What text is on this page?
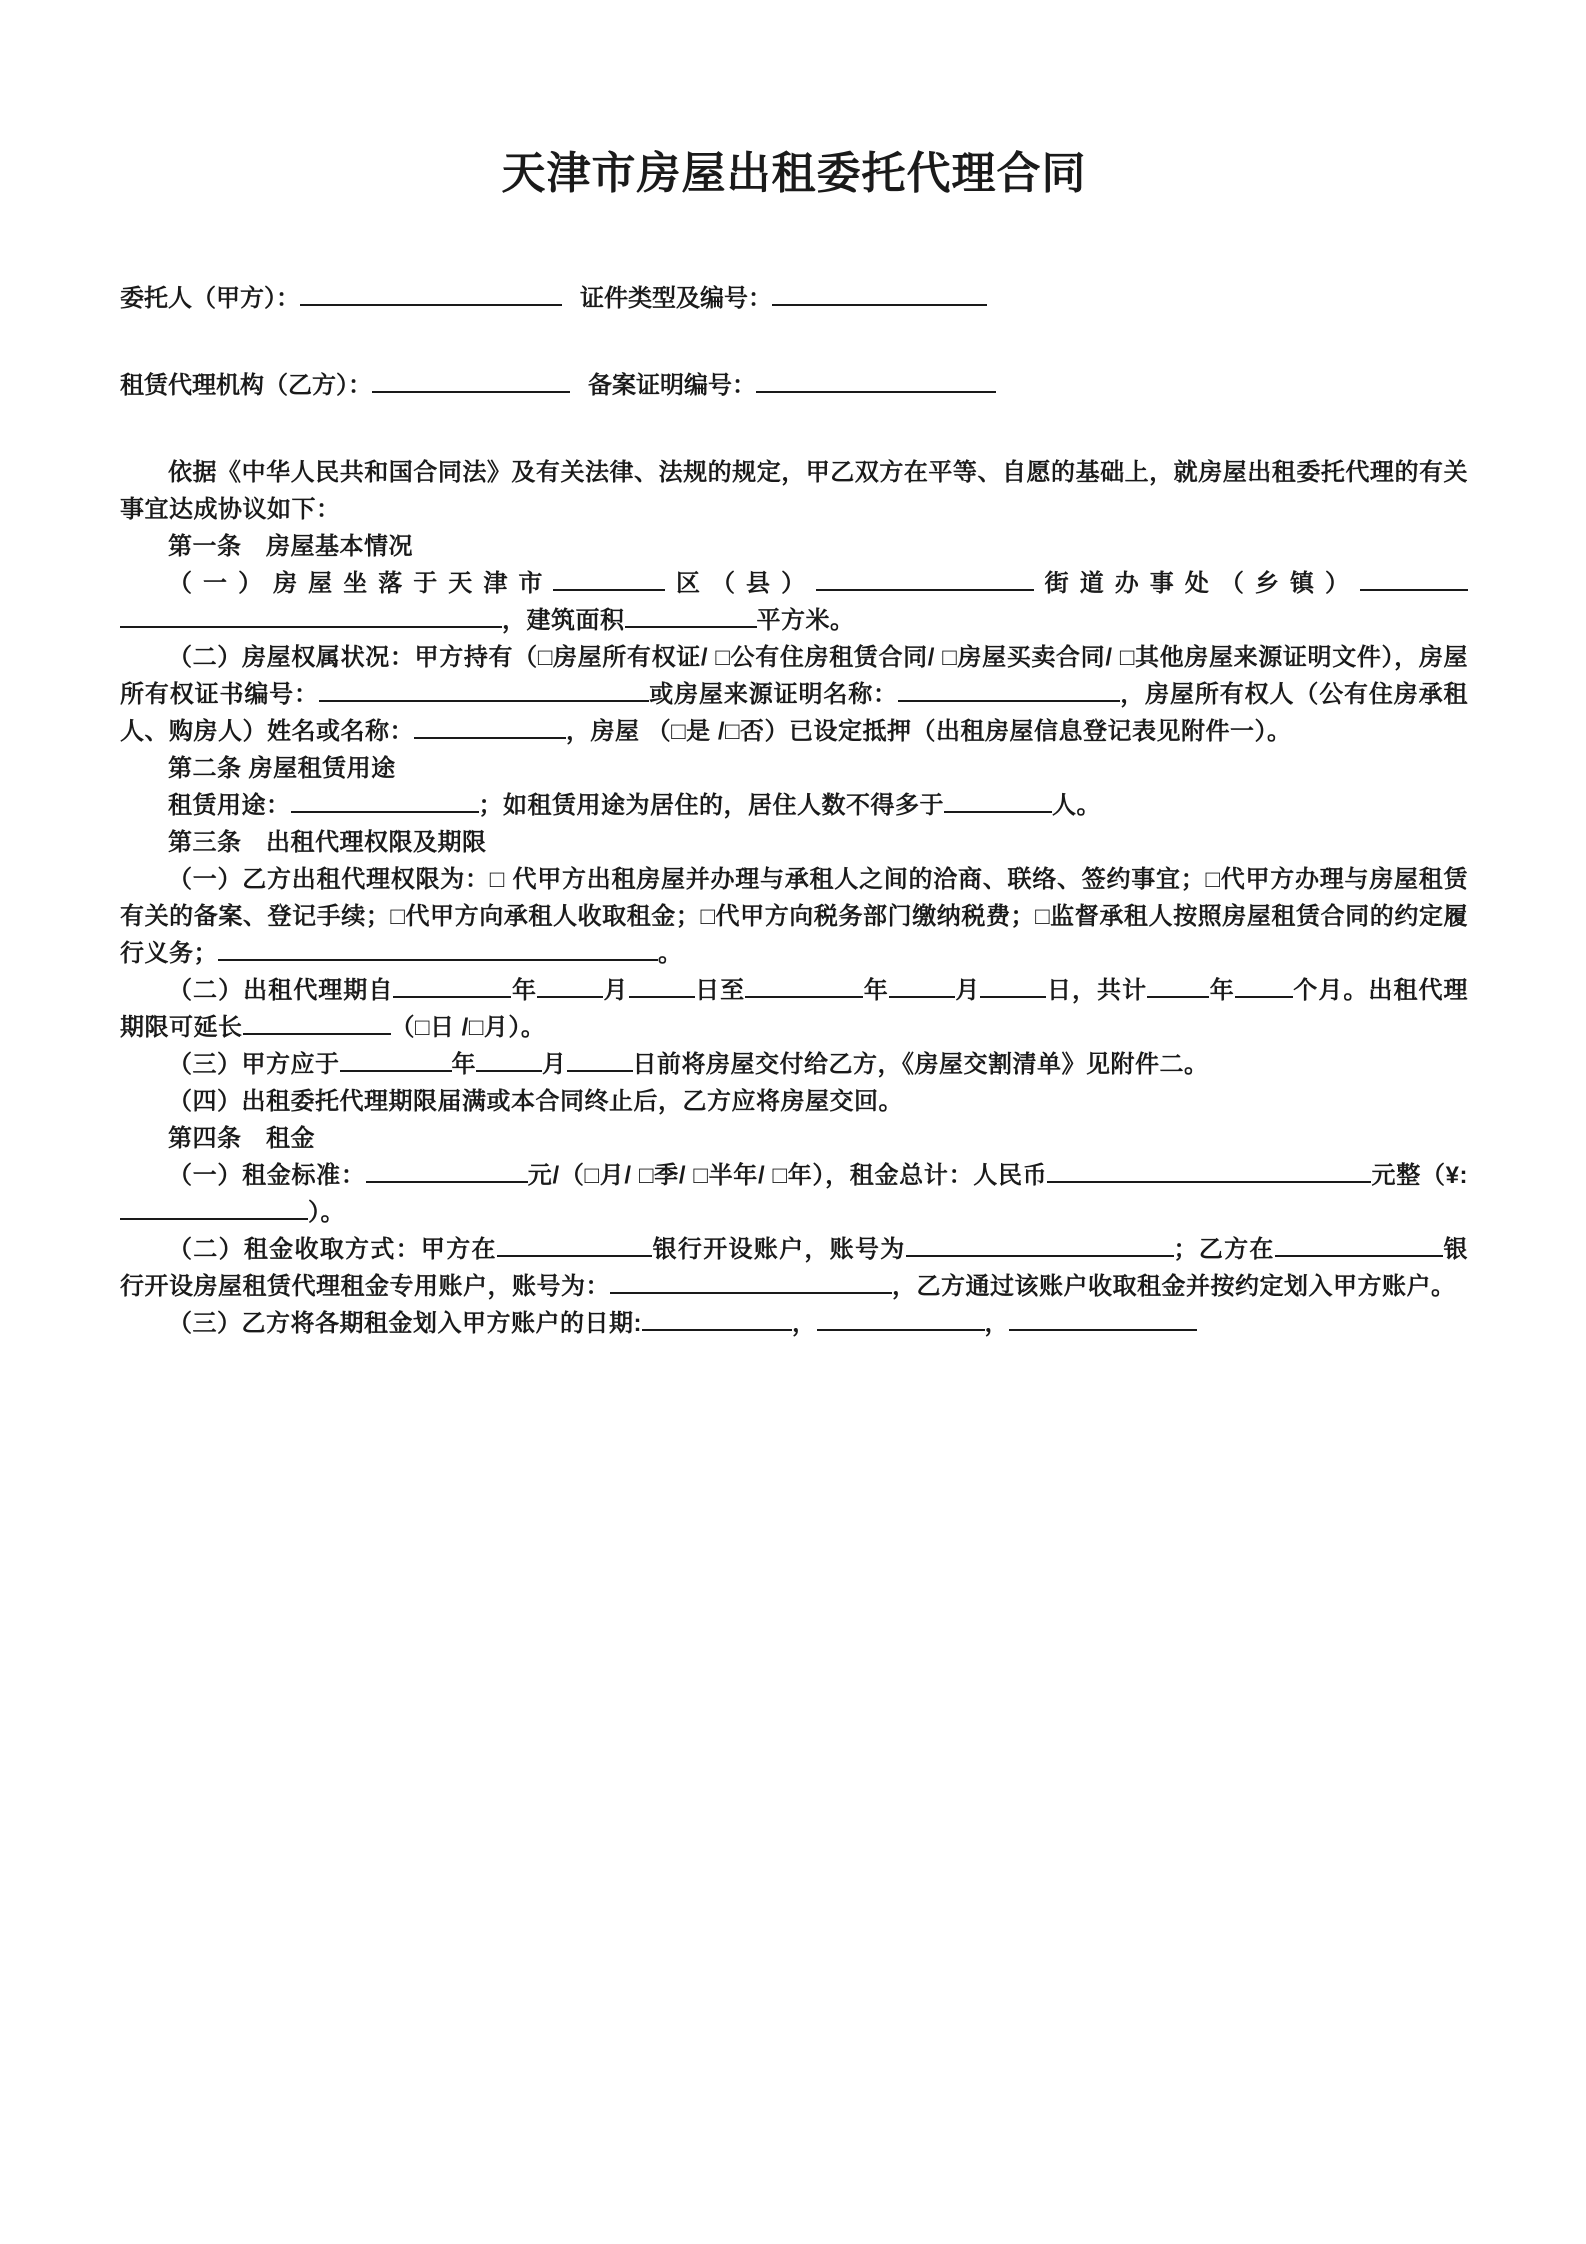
天津市房屋出租委托代理合同

委托人（甲方）：	证件类型及编号：

租赁代理机构（乙方）：	备案证明编号：

依据《中华人民共和国合同法》及有关法律、法规的规定，甲乙双方在平等、自愿的基础上，就房屋出租委托代理的有关事宜达成协议如下：

第一条　房屋基本情况

（一）房屋坐落于天津市	区（县）	街道办事处（乡镇），建筑面积	平方米。

（二）房屋权属状况：甲方持有（□房屋所有权证/ □公有住房租赁合同/ □房屋买卖合同/ □其他房屋来源证明文件），房屋所有权证书编号：	或房屋来源证明名称：	，房屋所有权人（公有住房承租人、购房人）姓名或名称：	，房屋 （□是 /□否）已设定抵押（出租房屋信息登记表见附件一）。

第二条 房屋租赁用途

租赁用途：	；如租赁用途为居住的，居住人数不得多于	人。

第三条　出租代理权限及期限

（一）乙方出租代理权限为：□ 代甲方出租房屋并办理与承租人之间的洽商、联络、签约事宜；□代甲方办理与房屋租赁有关的备案、登记手续；□代甲方向承租人收取租金；□代甲方向税务部门缴纳税费；□监督承租人按照房屋租赁合同的约定履行义务；	。

（二）出租代理期自	年	月	日至	年	月	日，共计	年 个月。出租代理期限可延长	（□日 /□月）。

（三）甲方应于	年	月	日前将房屋交付给乙方，《房屋交割清单》见附件二。

（四）出租委托代理期限届满或本合同终止后，乙方应将房屋交回。

第四条　租金

（一）租金标准：	元/（□月/ □季/ □半年/ □年），租金总计：人民币	元整（¥:）。

（二）租金收取方式：甲方在	银行开设账户，账号为	；乙方在	银行开设房屋租赁代理租金专用账户，账号为：	，乙方通过该账户收取租金并按约定划入甲方账户。

（三）乙方将各期租金划入甲方账户的日期:	，	，
